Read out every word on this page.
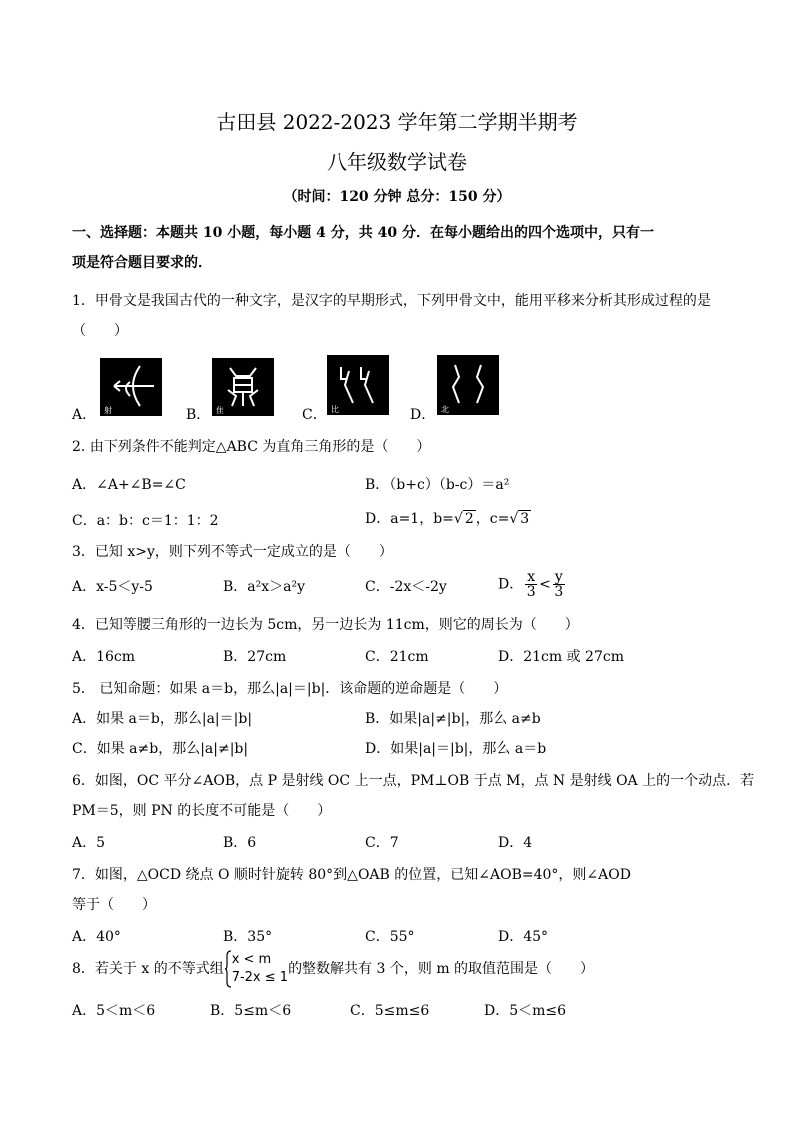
古田县 2022-2023 学年第二学期半期考
八年级数学试卷
（时间：120 分钟 总分：150 分）
一、选择题：本题共 10 小题，每小题 4 分，共 40 分．在每小题给出的四个选项中，只有一
项是符合题目要求的．
1．甲骨文是我国古代的一种文字，是汉字的早期形式，下列甲骨文中，能用平移来分析其形成过程的是
（　　）
A． 射	B． 隹	C． 比	D． 北
2. 由下列条件不能判定△ABC 为直角三角形的是（　　）
A．∠A+∠B=∠C	B．（b+c）（b-c）＝a²
C．a：b：c＝1：1：2	D．a=1，b=√ 2 ，c=√ 3
3．已知 x>y，则下列不等式一定成立的是（　　）
A．x-5＜y-5	B．a²x＞a²y	C．-2x＜-2y	D． $\frac{x}{3} < \frac{y}{3}$
4．已知等腰三角形的一边长为 5cm，另一边长为 11cm，则它的周长为（　　）
A．16cm	B．27cm	C．21cm	D．21cm 或 27cm
5． 已知命题：如果 a＝b，那么|a|＝|b|．该命题的逆命题是（　　）
A．如果 a＝b，那么|a|＝|b|	B．如果|a|≠|b|，那么 a≠b
C．如果 a≠b，那么|a|≠|b|	D．如果|a|＝|b|，那么 a＝b
6．如图，OC 平分∠AOB，点 P 是射线 OC 上一点，PM⊥OB 于点 M，点 N 是射线 OA 上的一个动点．若
PM＝5，则 PN 的长度不可能是（　　）
A．5	B．6	C．7	D．4
7．如图，△OCD 绕点 O 顺时针旋转 80°到△OAB 的位置，已知∠AOB=40°，则∠AOD
等于（　　）
A．40°	B．35°	C．55°	D．45°
8．若关于 x 的不等式组
x < m
7-2x ≤ 1
的整数解共有 3 个，则 m 的取值范围是（　　）
A．5＜m＜6	B．5≤m＜6	C．5≤m≤6	D．5＜m≤6
